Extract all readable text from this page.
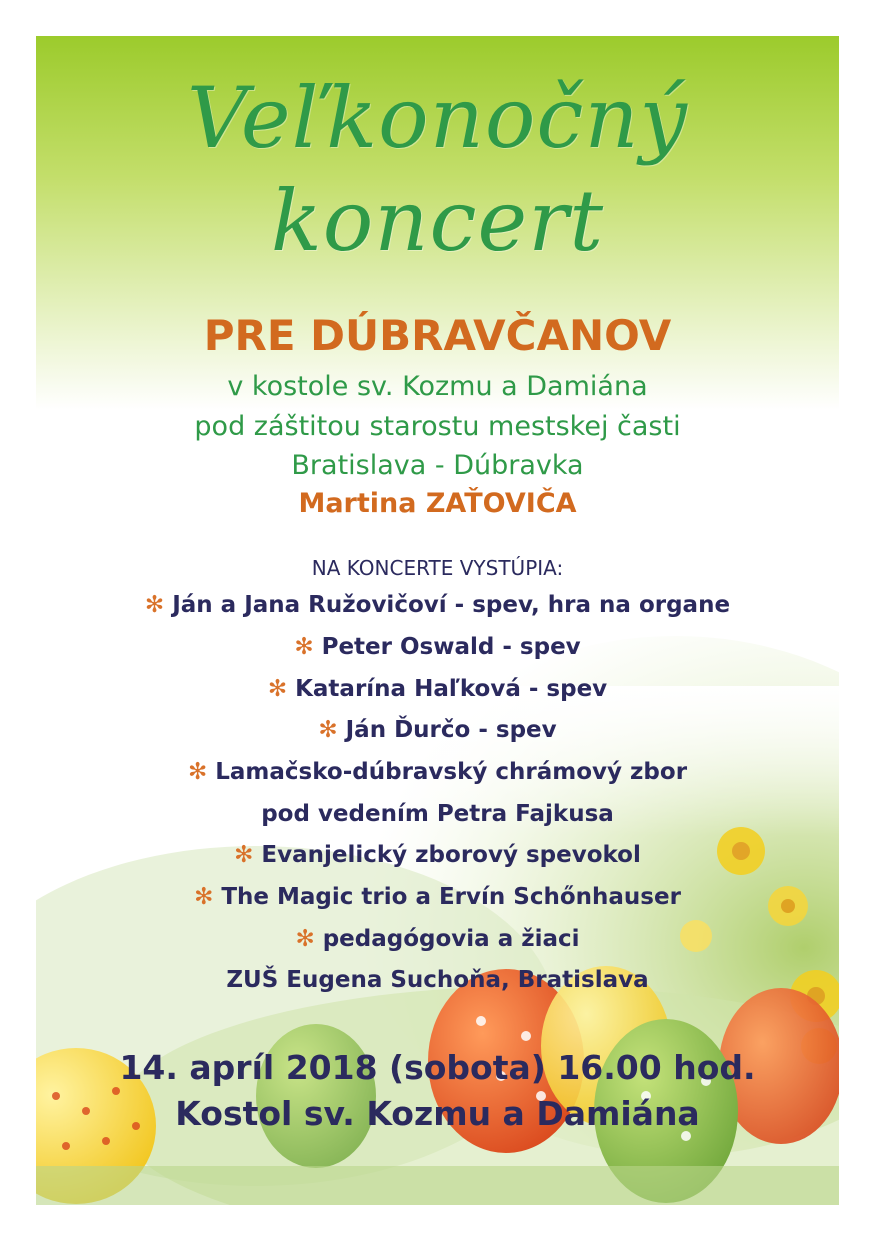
Veľkonočný
koncert
PRE DÚBRAVČANOV
v kostole sv. Kozmu a Damiána
pod záštitou starostu mestskej časti
Bratislava - Dúbravka
Martina ZAŤOVIČA
NA KONCERTE VYSTÚPIA:
✻ Ján a Jana Ružovičoví - spev, hra na organe
✻ Peter Oswald - spev
✻ Katarína Haľková - spev
✻ Ján Ďurčo - spev
✻ Lamačsko-dúbravský chrámový zbor
pod vedením Petra Fajkusa
✻ Evanjelický zborový spevokol
✻ The Magic trio a Ervín Schőnhauser
✻ pedagógovia a žiaci
ZUŠ Eugena Suchoňa, Bratislava
14. apríl 2018 (sobota) 16.00 hod.
Kostol sv. Kozmu a Damiána
